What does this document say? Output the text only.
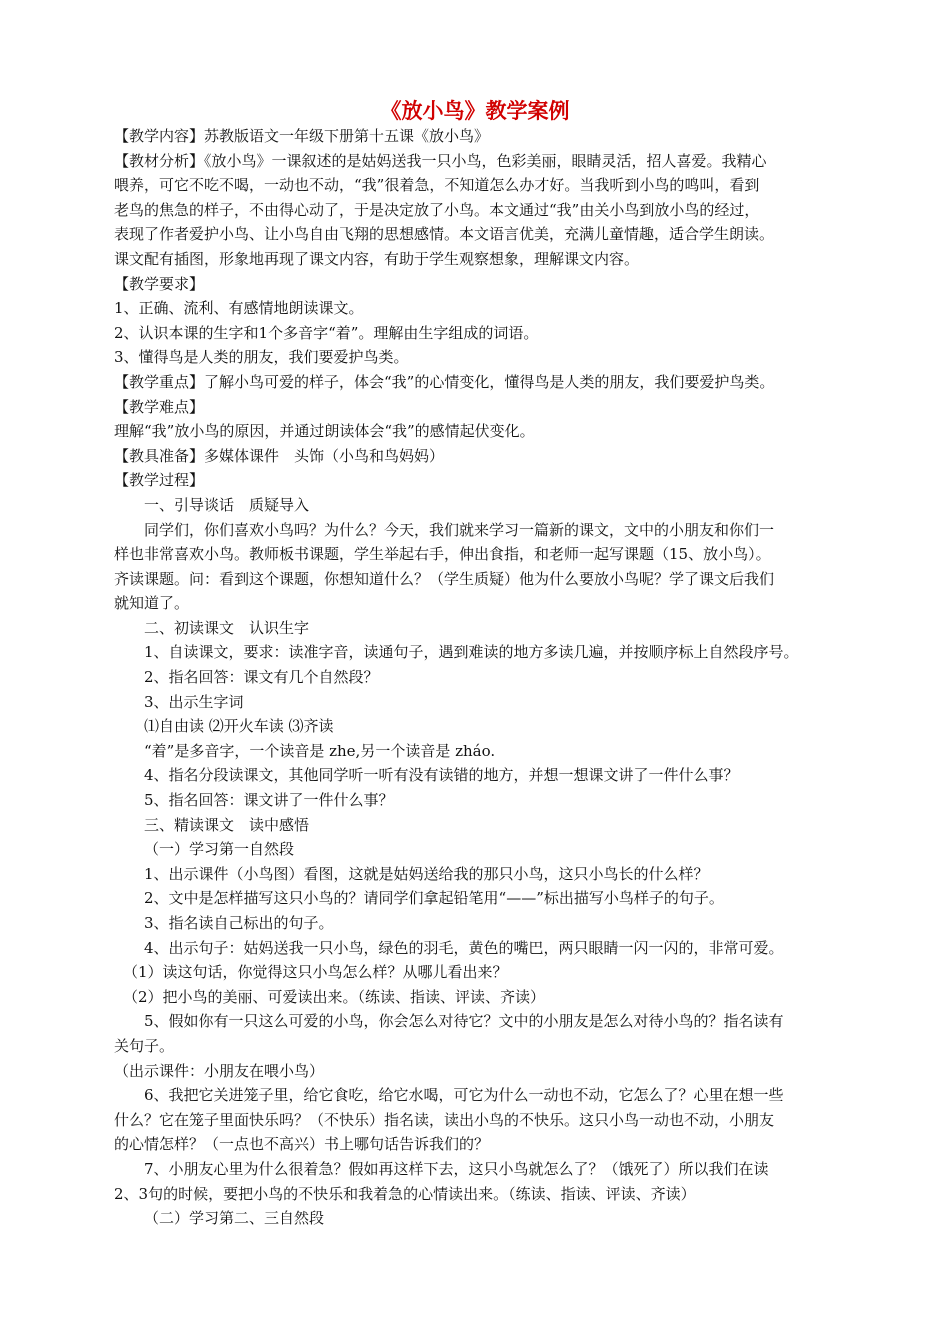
《放小鸟》教学案例

【教学内容】苏教版语文一年级下册第十五课《放小鸟》

【教材分析】《放小鸟》一课叙述的是姑妈送我一只小鸟，色彩美丽，眼睛灵活，招人喜爱。我精心

喂养，可它不吃不喝，一动也不动，“我”很着急，不知道怎么办才好。当我听到小鸟的鸣叫，看到

老鸟的焦急的样子，不由得心动了，于是决定放了小鸟。本文通过“我”由关小鸟到放小鸟的经过，

表现了作者爱护小鸟、让小鸟自由飞翔的思想感情。本文语言优美，充满儿童情趣，适合学生朗读。

课文配有插图，形象地再现了课文内容，有助于学生观察想象，理解课文内容。

【教学要求】

1、正确、流利、有感情地朗读课文。

2、认识本课的生字和1个多音字“着”。理解由生字组成的词语。

3、懂得鸟是人类的朋友，我们要爱护鸟类。

【教学重点】了解小鸟可爱的样子，体会“我”的心情变化，懂得鸟是人类的朋友，我们要爱护鸟类。

【教学难点】

理解“我”放小鸟的原因，并通过朗读体会“我”的感情起伏变化。

【教具准备】多媒体课件　头饰（小鸟和鸟妈妈）

【教学过程】

一、引导谈话　质疑导入

同学们，你们喜欢小鸟吗？为什么？今天，我们就来学习一篇新的课文，文中的小朋友和你们一

样也非常喜欢小鸟。教师板书课题，学生举起右手，伸出食指，和老师一起写课题（15、放小鸟）。

齐读课题。问：看到这个课题，你想知道什么？（学生质疑）他为什么要放小鸟呢？学了课文后我们

就知道了。

二、初读课文　认识生字

1、自读课文，要求：读准字音，读通句子，遇到难读的地方多读几遍，并按顺序标上自然段序号。

2、指名回答：课文有几个自然段？

3、出示生字词

⑴自由读 ⑵开火车读 ⑶齐读

“着”是多音字，一个读音是 zhe,另一个读音是 zháo.

4、指名分段读课文，其他同学听一听有没有读错的地方，并想一想课文讲了一件什么事？

5、指名回答：课文讲了一件什么事？

三、精读课文　读中感悟

（一）学习第一自然段

1、出示课件（小鸟图）看图，这就是姑妈送给我的那只小鸟，这只小鸟长的什么样？

2、文中是怎样描写这只小鸟的？请同学们拿起铅笔用“——”标出描写小鸟样子的句子。

3、指名读自己标出的句子。

4、出示句子：姑妈送我一只小鸟，绿色的羽毛，黄色的嘴巴，两只眼睛一闪一闪的，非常可爱。

（1）读这句话，你觉得这只小鸟怎么样？从哪儿看出来？

（2）把小鸟的美丽、可爱读出来。（练读、指读、评读、齐读）

5、假如你有一只这么可爱的小鸟，你会怎么对待它？文中的小朋友是怎么对待小鸟的？指名读有

关句子。

（出示课件：小朋友在喂小鸟）

6、我把它关进笼子里，给它食吃，给它水喝，可它为什么一动也不动，它怎么了？心里在想一些

什么？它在笼子里面快乐吗？（不快乐）指名读，读出小鸟的不快乐。这只小鸟一动也不动，小朋友

的心情怎样？（一点也不高兴）书上哪句话告诉我们的？

7、小朋友心里为什么很着急？假如再这样下去，这只小鸟就怎么了？（饿死了）所以我们在读

2、3句的时候，要把小鸟的不快乐和我着急的心情读出来。（练读、指读、评读、齐读）

（二）学习第二、三自然段
